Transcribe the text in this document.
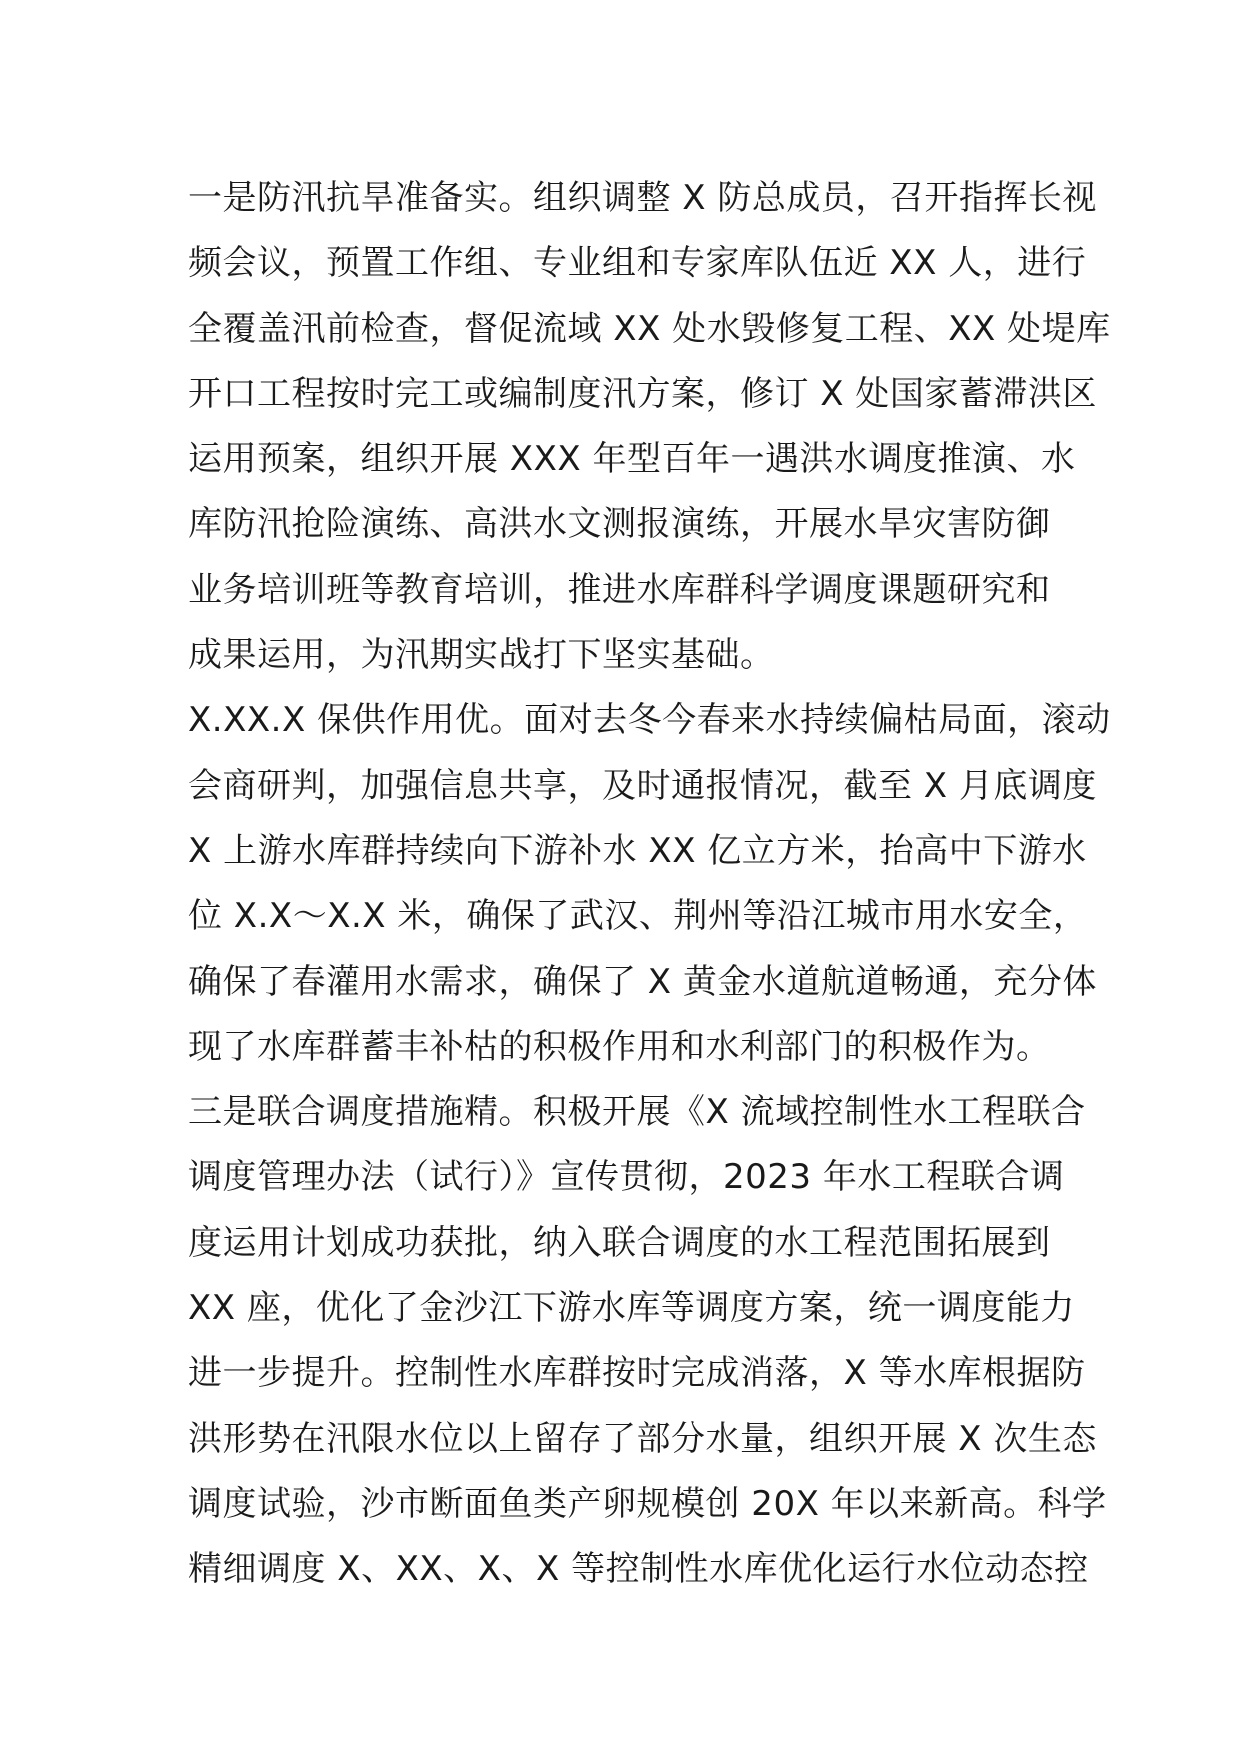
一是防汛抗旱准备实。组织调整 X 防总成员，召开指挥长视
频会议，预置工作组、专业组和专家库队伍近 XX 人，进行
全覆盖汛前检查，督促流域 XX 处水毁修复工程、XX 处堤库
开口工程按时完工或编制度汛方案，修订 X 处国家蓄滞洪区
运用预案，组织开展 XXX 年型百年一遇洪水调度推演、水
库防汛抢险演练、高洪水文测报演练，开展水旱灾害防御
业务培训班等教育培训，推进水库群科学调度课题研究和
成果运用，为汛期实战打下坚实基础。
X.XX.X 保供作用优。面对去冬今春来水持续偏枯局面，滚动
会商研判，加强信息共享，及时通报情况，截至 X 月底调度
X 上游水库群持续向下游补水 XX 亿立方米，抬高中下游水
位 X.X～X.X 米，确保了武汉、荆州等沿江城市用水安全，
确保了春灌用水需求，确保了 X 黄金水道航道畅通，充分体
现了水库群蓄丰补枯的积极作用和水利部门的积极作为。
三是联合调度措施精。积极开展《X 流域控制性水工程联合
调度管理办法（试行）》宣传贯彻，2023 年水工程联合调
度运用计划成功获批，纳入联合调度的水工程范围拓展到
XX 座，优化了金沙江下游水库等调度方案，统一调度能力
进一步提升。控制性水库群按时完成消落，X 等水库根据防
洪形势在汛限水位以上留存了部分水量，组织开展 X 次生态
调度试验，沙市断面鱼类产卵规模创 20X 年以来新高。科学
精细调度 X、XX、X、X 等控制性水库优化运行水位动态控
